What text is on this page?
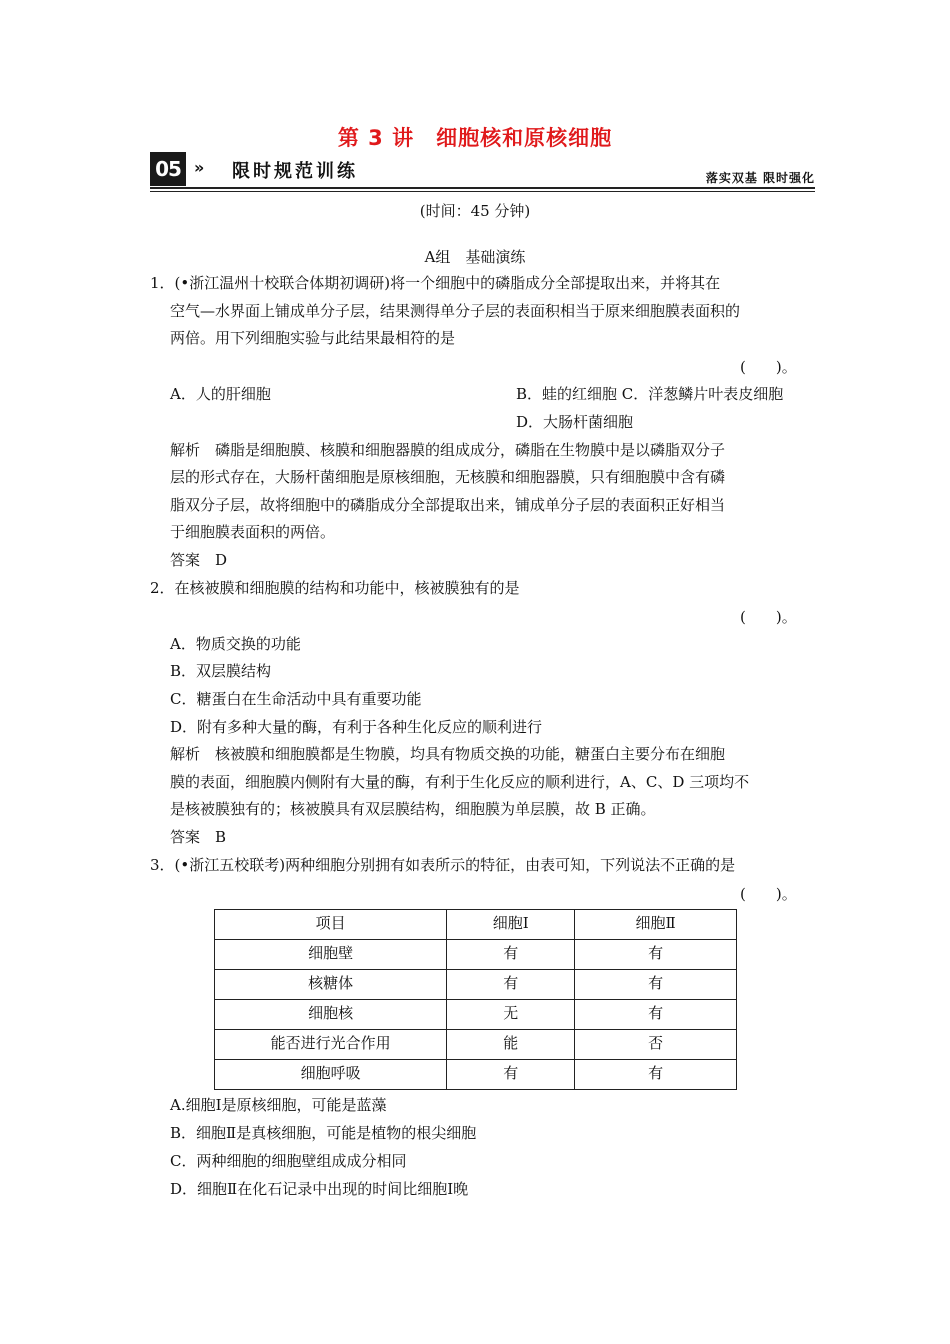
第 3 讲　细胞核和原核细胞
05 » 限时规范训练	落实双基 限时强化
(时间：45 分钟)
A组　基础演练
1．(•浙江温州十校联合体期初调研)将一个细胞中的磷脂成分全部提取出来，并将其在
空气—水界面上铺成单分子层，结果测得单分子层的表面积相当于原来细胞膜表面积的
两倍。用下列细胞实验与此结果最相符的是
(　　)。
A．人的肝细胞	B．蛙的红细胞 C．洋葱鳞片叶表皮细胞
D．大肠杆菌细胞
解析　磷脂是细胞膜、核膜和细胞器膜的组成成分，磷脂在生物膜中是以磷脂双分子
层的形式存在，大肠杆菌细胞是原核细胞，无核膜和细胞器膜，只有细胞膜中含有磷
脂双分子层，故将细胞中的磷脂成分全部提取出来，铺成单分子层的表面积正好相当
于细胞膜表面积的两倍。
答案　D
2．在核被膜和细胞膜的结构和功能中，核被膜独有的是
(　　)。
A．物质交换的功能
B．双层膜结构
C．糖蛋白在生命活动中具有重要功能
D．附有多种大量的酶，有利于各种生化反应的顺利进行
解析　核被膜和细胞膜都是生物膜，均具有物质交换的功能，糖蛋白主要分布在细胞
膜的表面，细胞膜内侧附有大量的酶，有利于生化反应的顺利进行，A、C、D 三项均不
是核被膜独有的；核被膜具有双层膜结构，细胞膜为单层膜，故 B 正确。
答案　B
3．(•浙江五校联考)两种细胞分别拥有如表所示的特征，由表可知，下列说法不正确的是
(　　)。
项目	细胞Ⅰ	细胞Ⅱ
细胞壁	有	有
核糖体	有	有
细胞核	无	有
能否进行光合作用	能	否
细胞呼吸	有	有
A.细胞Ⅰ是原核细胞，可能是蓝藻
B．细胞Ⅱ是真核细胞，可能是植物的根尖细胞
C．两种细胞的细胞壁组成成分相同
D．细胞Ⅱ在化石记录中出现的时间比细胞Ⅰ晚
